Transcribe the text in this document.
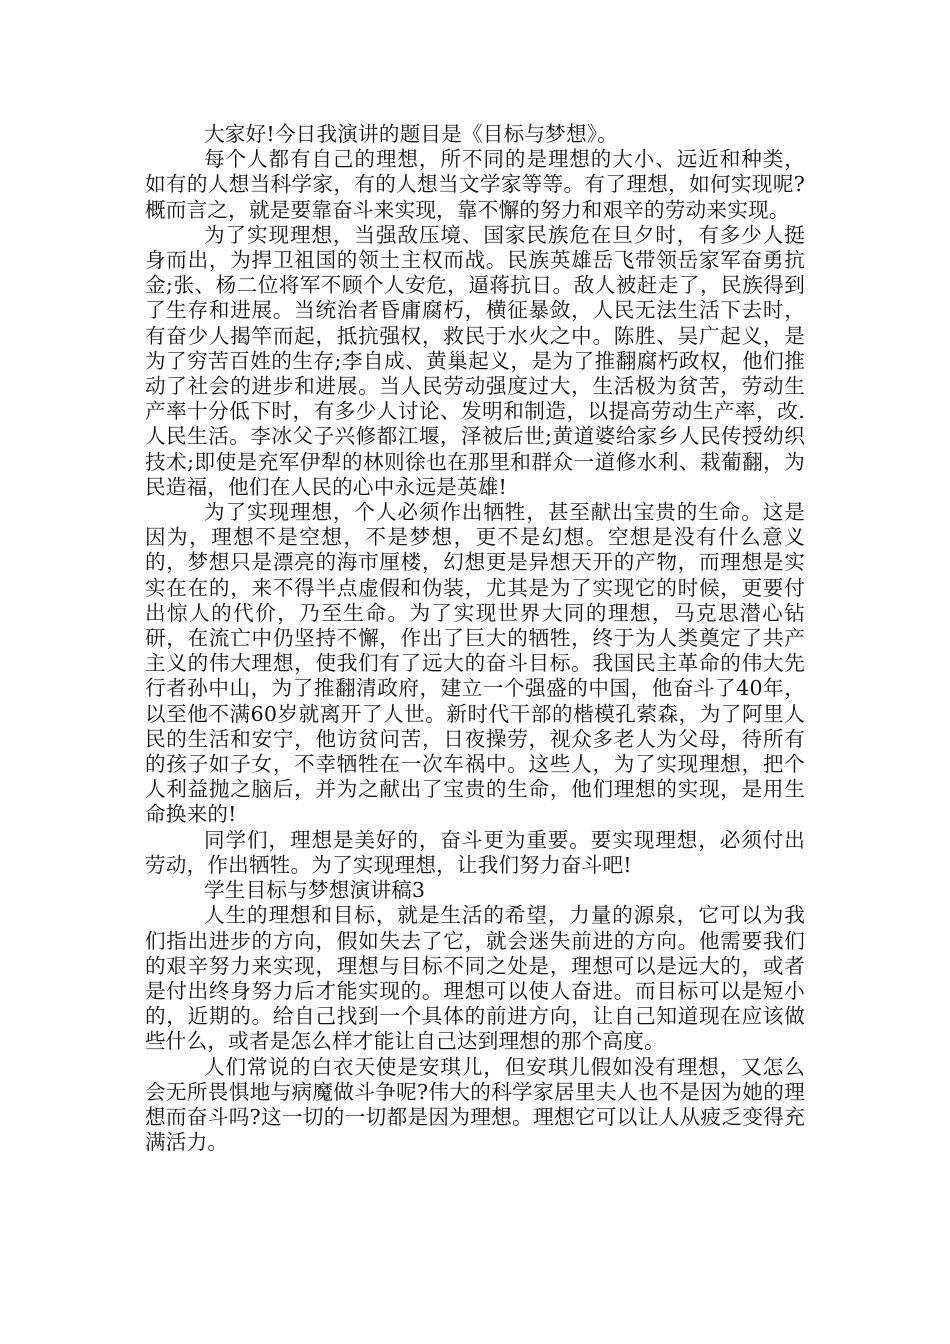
大家好!今日我演讲的题目是《目标与梦想》。

每个人都有自己的理想，所不同的是理想的大小、远近和种类，如有的人想当科学家，有的人想当文学家等等。有了理想，如何实现呢?概而言之，就是要靠奋斗来实现，靠不懈的努力和艰辛的劳动来实现。

为了实现理想，当强敌压境、国家民族危在旦夕时，有多少人挺身而出，为捍卫祖国的领土主权而战。民族英雄岳飞带领岳家军奋勇抗金;张、杨二位将军不顾个人安危，逼蒋抗日。敌人被赶走了，民族得到了生存和进展。当统治者昏庸腐朽，横征暴敛，人民无法生活下去时，有奋少人揭竿而起，抵抗强权，救民于水火之中。陈胜、吴广起义，是为了穷苦百姓的生存;李自成、黄巢起义，是为了推翻腐朽政权，他们推动了社会的进步和进展。当人民劳动强度过大，生活极为贫苦，劳动生产率十分低下时，有多少人讨论、发明和制造，以提高劳动生产率，改.人民生活。李冰父子兴修都江堰，泽被后世;黄道婆给家乡人民传授幼织技术;即使是充军伊犁的林则徐也在那里和群众一道修水利、栽葡翻，为民造福，他们在人民的心中永远是英雄!

为了实现理想，个人必须作出牺牲，甚至献出宝贵的生命。这是因为，理想不是空想，不是梦想，更不是幻想。空想是没有什么意义的，梦想只是漂亮的海市厘楼，幻想更是异想天开的产物，而理想是实实在在的，来不得半点虚假和伪装，尤其是为了实现它的时候，更要付出惊人的代价，乃至生命。为了实现世界大同的理想，马克思潜心钻研，在流亡中仍坚持不懈，作出了巨大的牺牲，终于为人类奠定了共产主义的伟大理想，使我们有了远大的奋斗目标。我国民主革命的伟大先行者孙中山，为了推翻清政府，建立一个强盛的中国，他奋斗了40年，以至他不满60岁就离开了人世。新时代干部的楷模孔萦森，为了阿里人民的生活和安宁，他访贫问苦，日夜操劳，视众多老人为父母，待所有的孩子如子女，不幸牺牲在一次车祸中。这些人，为了实现理想，把个人利益抛之脑后，并为之献出了宝贵的生命，他们理想的实现，是用生命换来的!

同学们，理想是美好的，奋斗更为重要。要实现理想，必须付出劳动，作出牺牲。为了实现理想，让我们努力奋斗吧!

学生目标与梦想演讲稿3

人生的理想和目标，就是生活的希望，力量的源泉，它可以为我们指出进步的方向，假如失去了它，就会迷失前进的方向。他需要我们的艰辛努力来实现，理想与目标不同之处是，理想可以是远大的，或者是付出终身努力后才能实现的。理想可以使人奋进。而目标可以是短小的，近期的。给自己找到一个具体的前进方向，让自己知道现在应该做些什么，或者是怎么样才能让自己达到理想的那个高度。

人们常说的白衣天使是安琪儿，但安琪儿假如没有理想，又怎么会无所畏惧地与病魔做斗争呢?伟大的科学家居里夫人也不是因为她的理想而奋斗吗?这一切的一切都是因为理想。理想它可以让人从疲乏变得充满活力。
